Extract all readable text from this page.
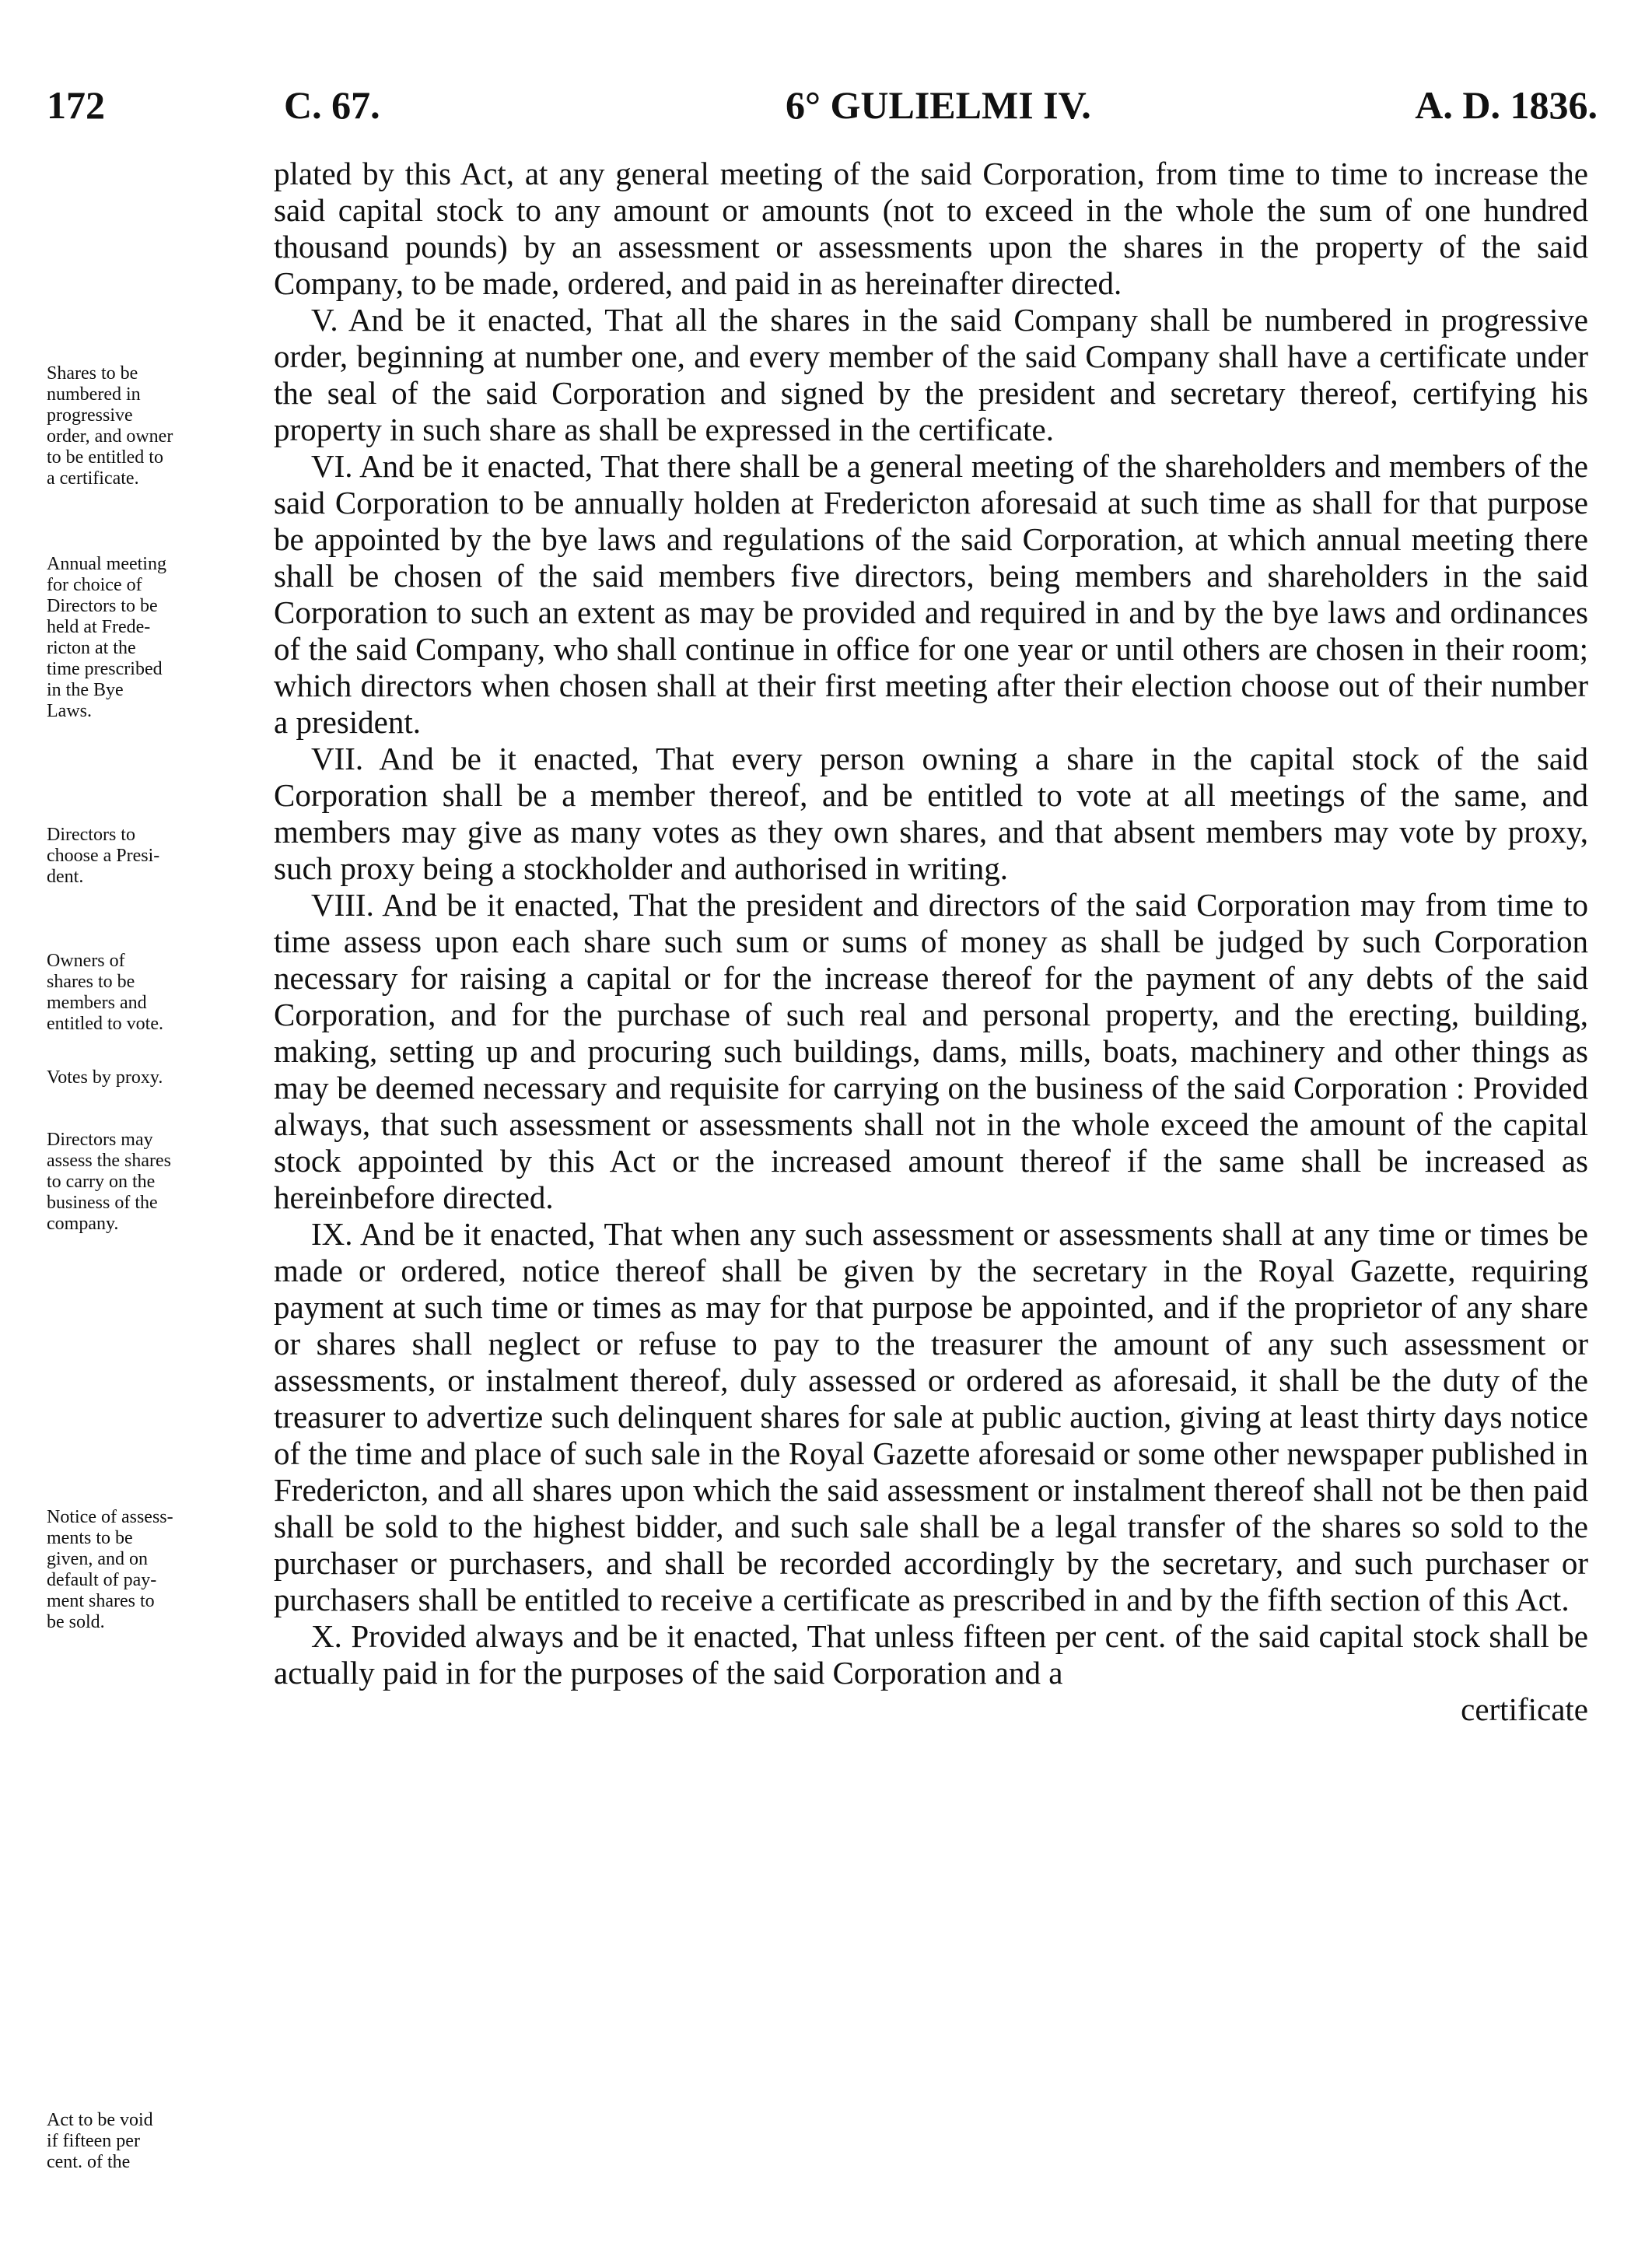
172	C. 67.	6° GULIELMI IV.	A. D. 1836.

plated by this Act, at any general meeting of the said Corporation, from time to time to increase the said capital stock to any amount or amounts (not to exceed in the whole the sum of one hundred thousand pounds) by an assessment or assessments upon the shares in the property of the said Company, to be made, ordered, and paid in as hereinafter directed.

V. And be it enacted, That all the shares in the said Company shall be numbered in progressive order, beginning at number one, and every member of the said Company shall have a certificate under the seal of the said Corporation and signed by the president and secretary thereof, certifying his property in such share as shall be expressed in the certificate.

VI. And be it enacted, That there shall be a general meeting of the shareholders and members of the said Corporation to be annually holden at Fredericton aforesaid at such time as shall for that purpose be appointed by the bye laws and regulations of the said Corporation, at which annual meeting there shall be chosen of the said members five directors, being members and shareholders in the said Corporation to such an extent as may be provided and required in and by the bye laws and ordinances of the said Company, who shall continue in office for one year or until others are chosen in their room; which directors when chosen shall at their first meeting after their election choose out of their number a president.

VII. And be it enacted, That every person owning a share in the capital stock of the said Corporation shall be a member thereof, and be entitled to vote at all meetings of the same, and members may give as many votes as they own shares, and that absent members may vote by proxy, such proxy being a stockholder and authorised in writing.

VIII. And be it enacted, That the president and directors of the said Corporation may from time to time assess upon each share such sum or sums of money as shall be judged by such Corporation necessary for raising a capital or for the increase thereof for the payment of any debts of the said Corporation, and for the purchase of such real and personal property, and the erecting, building, making, setting up and procuring such buildings, dams, mills, boats, machinery and other things as may be deemed necessary and requisite for carrying on the business of the said Corporation : Provided always, that such assessment or assessments shall not in the whole exceed the amount of the capital stock appointed by this Act or the increased amount thereof if the same shall be increased as hereinbefore directed.

IX. And be it enacted, That when any such assessment or assessments shall at any time or times be made or ordered, notice thereof shall be given by the secretary in the Royal Gazette, requiring payment at such time or times as may for that purpose be appointed, and if the proprietor of any share or shares shall neglect or refuse to pay to the treasurer the amount of any such assessment or assessments, or instalment thereof, duly assessed or ordered as aforesaid, it shall be the duty of the treasurer to advertize such delinquent shares for sale at public auction, giving at least thirty days notice of the time and place of such sale in the Royal Gazette aforesaid or some other newspaper published in Fredericton, and all shares upon which the said assessment or instalment thereof shall not be then paid shall be sold to the highest bidder, and such sale shall be a legal transfer of the shares so sold to the purchaser or purchasers, and shall be recorded accordingly by the secretary, and such purchaser or purchasers shall be entitled to receive a certificate as prescribed in and by the fifth section of this Act.

X. Provided always and be it enacted, That unless fifteen per cent. of the said capital stock shall be actually paid in for the purposes of the said Corporation and a

certificate

Shares to be
numbered in
progressive
order, and owner
to be entitled to
a certificate.
Annual meeting
for choice of
Directors to be
held at Frede-
ricton at the
time prescribed
in the Bye
Laws.
Directors to
choose a Presi-
dent.
Owners of
shares to be
members and
entitled to vote.
Votes by proxy.
Directors may
assess the shares
to carry on the
business of the
company.
Notice of assess-
ments to be
given, and on
default of pay-
ment shares to
be sold.
Act to be void
if fifteen per
cent. of the
